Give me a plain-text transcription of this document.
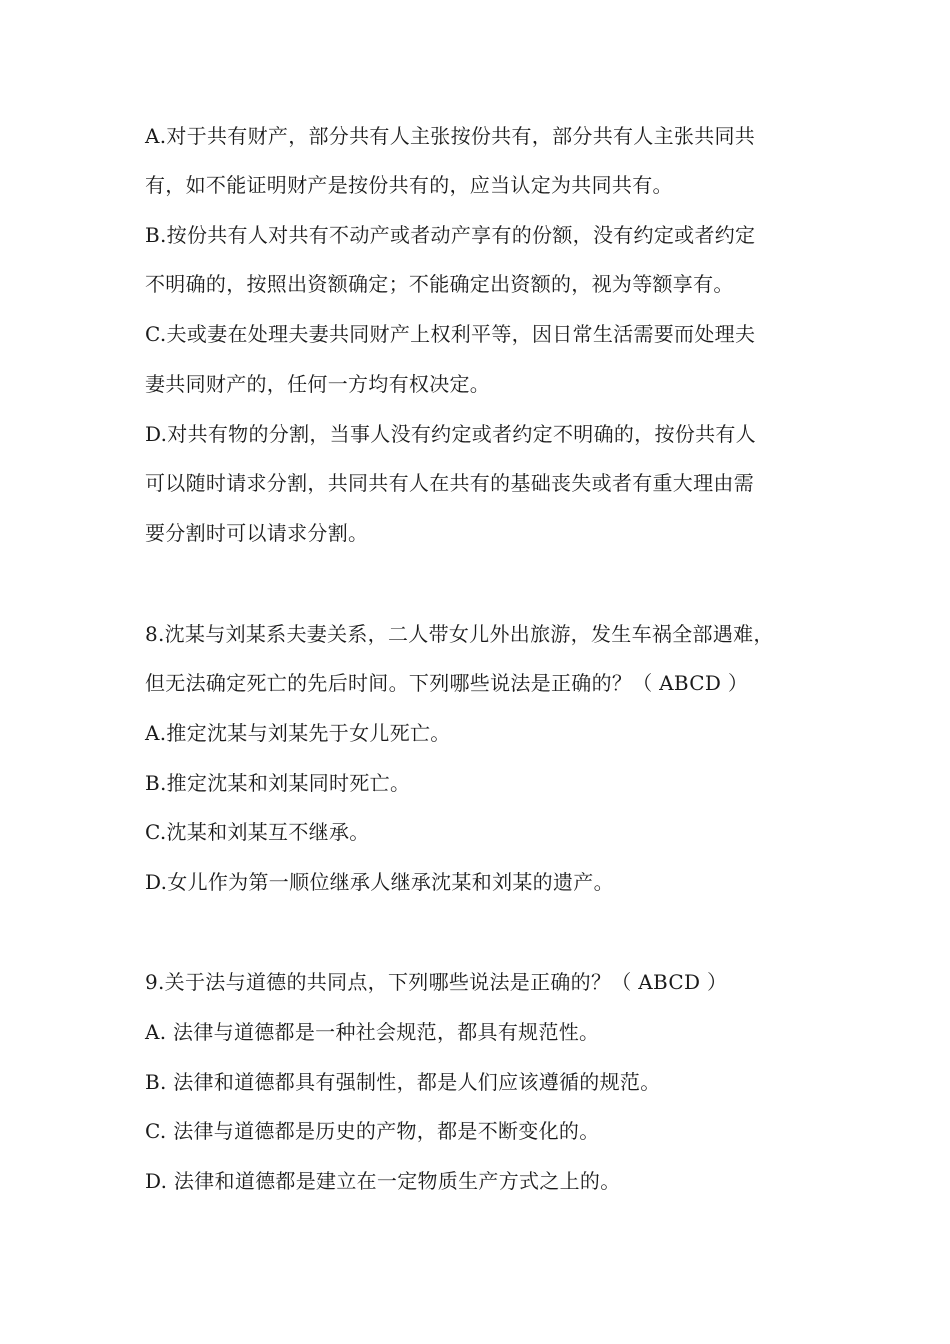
A.对于共有财产，部分共有人主张按份共有，部分共有人主张共同共
有，如不能证明财产是按份共有的，应当认定为共同共有。
B.按份共有人对共有不动产或者动产享有的份额，没有约定或者约定
不明确的，按照出资额确定；不能确定出资额的，视为等额享有。
C.夫或妻在处理夫妻共同财产上权利平等，因日常生活需要而处理夫
妻共同财产的，任何一方均有权决定。
D.对共有物的分割，当事人没有约定或者约定不明确的，按份共有人
可以随时请求分割，共同共有人在共有的基础丧失或者有重大理由需
要分割时可以请求分割。
8.沈某与刘某系夫妻关系，二人带女儿外出旅游，发生车祸全部遇难，
但无法确定死亡的先后时间。下列哪些说法是正确的？（ ABCD ）
A.推定沈某与刘某先于女儿死亡。
B.推定沈某和刘某同时死亡。
C.沈某和刘某互不继承。
D.女儿作为第一顺位继承人继承沈某和刘某的遗产。
9.关于法与道德的共同点，下列哪些说法是正确的？（ ABCD ）
A. 法律与道德都是一种社会规范，都具有规范性。
B. 法律和道德都具有强制性，都是人们应该遵循的规范。
C. 法律与道德都是历史的产物，都是不断变化的。
D. 法律和道德都是建立在一定物质生产方式之上的。
